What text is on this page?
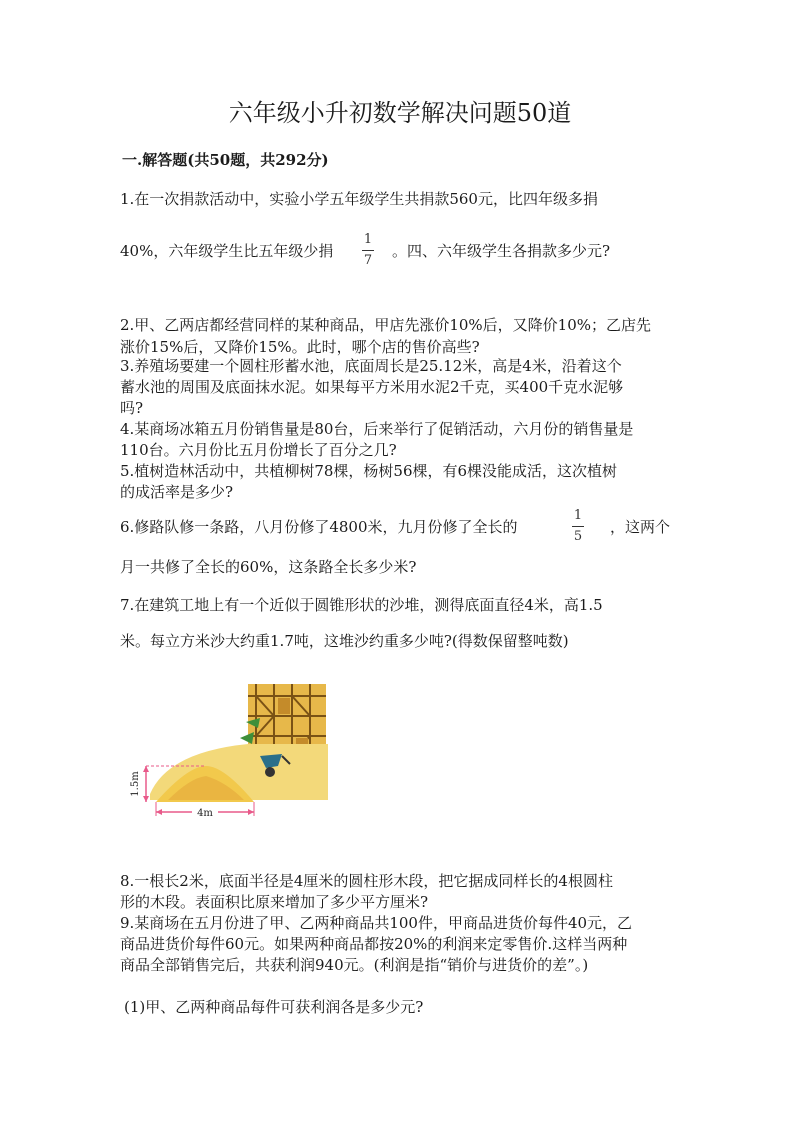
六年级小升初数学解决问题50道
一.解答题(共50题，共292分)
1.在一次捐款活动中，实验小学五年级学生共捐款560元，比四年级多捐
40%，六年级学生比五年级少捐
1
7
。四、六年级学生各捐款多少元?
2.甲、乙两店都经营同样的某种商品，甲店先涨价10%后，又降价10%；乙店先
涨价15%后，又降价15%。此时，哪个店的售价高些?
3.养殖场要建一个圆柱形蓄水池，底面周长是25.12米，高是4米，沿着这个
蓄水池的周围及底面抹水泥。如果每平方米用水泥2千克，买400千克水泥够
吗?
4.某商场冰箱五月份销售量是80台，后来举行了促销活动，六月份的销售量是
110台。六月份比五月份增长了百分之几?
5.植树造林活动中，共植柳树78棵，杨树56棵，有6棵没能成活，这次植树
的成活率是多少?
6.修路队修一条路，八月份修了4800米，九月份修了全长的
1
5
，这两个
月一共修了全长的60%，这条路全长多少米?
7.在建筑工地上有一个近似于圆锥形状的沙堆，测得底面直径4米，高1.5
米。每立方米沙大约重1.7吨，这堆沙约重多少吨?(得数保留整吨数)
1.5m
4m
8.一根长2米，底面半径是4厘米的圆柱形木段，把它据成同样长的4根圆柱
形的木段。表面积比原来增加了多少平方厘米?
9.某商场在五月份进了甲、乙两种商品共100件，甲商品进货价每件40元，乙
商品进货价每件60元。如果两种商品都按20%的利润来定零售价.这样当两种
商品全部销售完后，共获利润940元。(利润是指“销价与进货价的差”。)
(1)甲、乙两种商品每件可获利润各是多少元?
